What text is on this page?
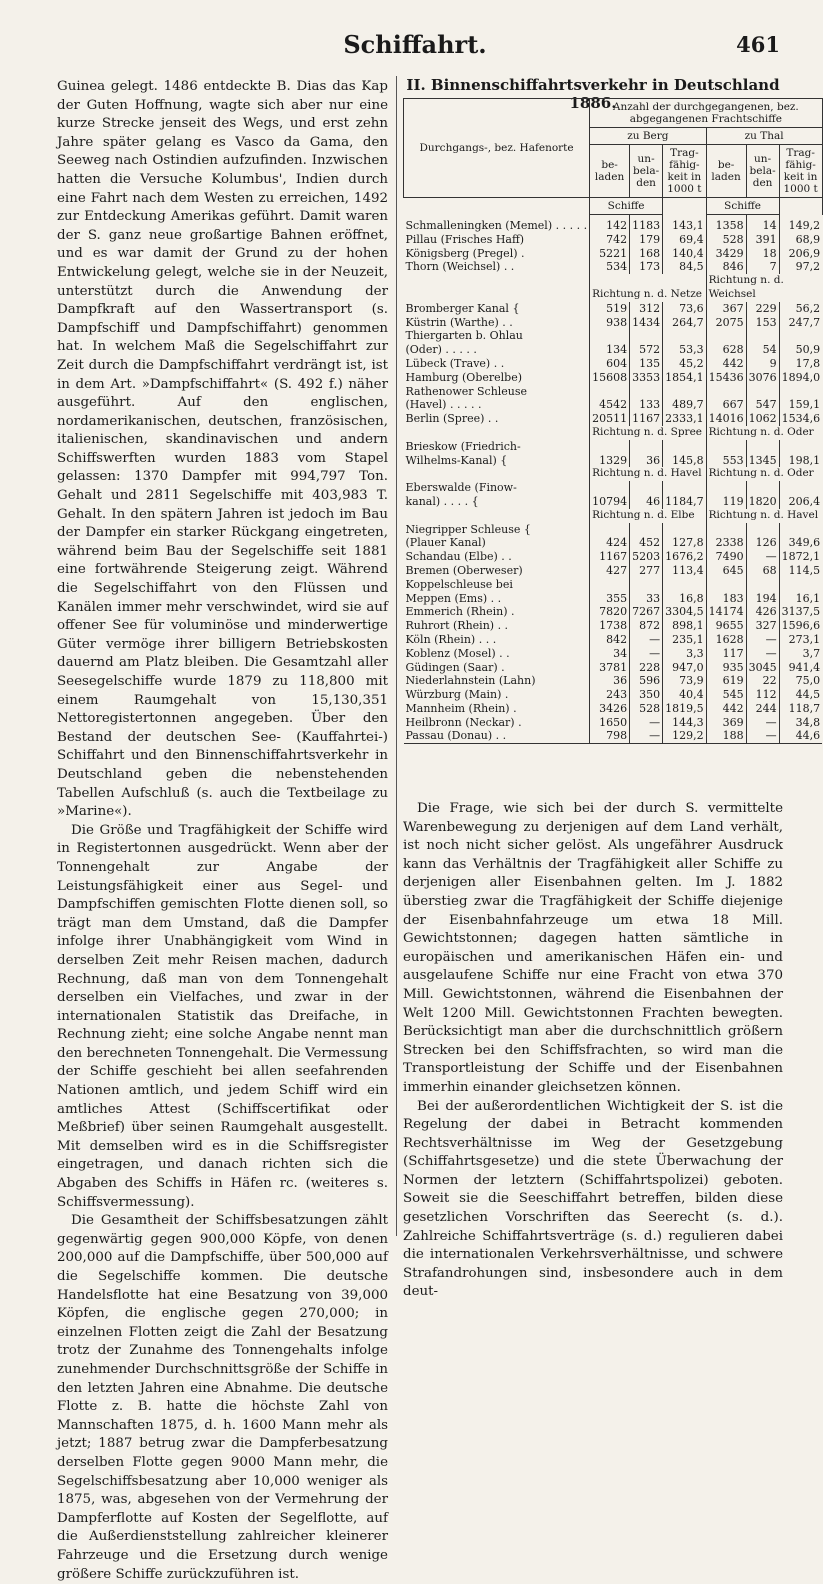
Schiffahrt.	461

Guinea gelegt. 1486 entdeckte B. Dias das Kap der Guten Hoffnung, wagte sich aber nur eine kurze Strecke jenseit des Wegs, und erst zehn Jahre später gelang es Vasco da Gama, den Seeweg nach Ostindien aufzufinden. Inzwischen hatten die Versuche Kolumbus', Indien durch eine Fahrt nach dem Westen zu erreichen, 1492 zur Entdeckung Amerikas geführt. Damit waren der S. ganz neue großartige Bahnen eröffnet, und es war damit der Grund zu der hohen Entwickelung gelegt, welche sie in der Neuzeit, unterstützt durch die Anwendung der Dampfkraft auf den Wassertransport (s. Dampfschiff und Dampfschiffahrt) genommen hat. In welchem Maß die Segelschiffahrt zur Zeit durch die Dampfschiffahrt verdrängt ist, ist in dem Art. »Dampfschiffahrt« (S. 492 f.) näher ausgeführt. Auf den englischen, nordamerikanischen, deutschen, französischen, italienischen, skandinavischen und andern Schiffswerften wurden 1883 vom Stapel gelassen: 1370 Dampfer mit 994,797 Ton. Gehalt und 2811 Segelschiffe mit 403,983 T. Gehalt. In den spätern Jahren ist jedoch im Bau der Dampfer ein starker Rückgang eingetreten, während beim Bau der Segelschiffe seit 1881 eine fortwährende Steigerung zeigt. Während die Segelschiffahrt von den Flüssen und Kanälen immer mehr verschwindet, wird sie auf offener See für voluminöse und minderwertige Güter vermöge ihrer billigern Betriebskosten dauernd am Platz bleiben. Die Gesamtzahl aller Seesegelschiffe wurde 1879 zu 118,800 mit einem Raumgehalt von 15,130,351 Nettoregistertonnen angegeben. Über den Bestand der deutschen See- (Kauffahrtei-) Schiffahrt und den Binnenschiffahrtsverkehr in Deutschland geben die nebenstehenden Tabellen Aufschluß (s. auch die Textbeilage zu »Marine«).

Die Größe und Tragfähigkeit der Schiffe wird in Registertonnen ausgedrückt. Wenn aber der Tonnengehalt zur Angabe der Leistungsfähigkeit einer aus Segel- und Dampfschiffen gemischten Flotte dienen soll, so trägt man dem Umstand, daß die Dampfer infolge ihrer Unabhängigkeit vom Wind in derselben Zeit mehr Reisen machen, dadurch Rechnung, daß man von dem Tonnengehalt derselben ein Vielfaches, und zwar in der internationalen Statistik das Dreifache, in Rechnung zieht; eine solche Angabe nennt man den berechneten Tonnengehalt. Die Vermessung der Schiffe geschieht bei allen seefahrenden Nationen amtlich, und jedem Schiff wird ein amtliches Attest (Schiffscertifikat oder Meßbrief) über seinen Raumgehalt ausgestellt. Mit demselben wird es in die Schiffsregister eingetragen, und danach richten sich die Abgaben des Schiffs in Häfen rc. (weiteres s. Schiffsvermessung).

Die Gesamtheit der Schiffsbesatzungen zählt gegenwärtig gegen 900,000 Köpfe, von denen 200,000 auf die Dampfschiffe, über 500,000 auf die Segelschiffe kommen. Die deutsche Handelsflotte hat eine Besatzung von 39,000 Köpfen, die englische gegen 270,000; in einzelnen Flotten zeigt die Zahl der Besatzung trotz der Zunahme des Tonnengehalts infolge zunehmender Durchschnittsgröße der Schiffe in den letzten Jahren eine Abnahme. Die deutsche Flotte z. B. hatte die höchste Zahl von Mannschaften 1875, d. h. 1600 Mann mehr als jetzt; 1887 betrug zwar die Dampferbesatzung derselben Flotte gegen 9000 Mann mehr, die Segelschiffsbesatzung aber 10,000 weniger als 1875, was, abgesehen von der Vermehrung der Dampferflotte auf Kosten der Segelflotte, auf die Außerdienststellung zahlreicher kleinerer Fahrzeuge und die Ersetzung durch wenige größere Schiffe zurückzuführen ist.

II. Binnenschiffahrtsverkehr in Deutschland 1886.
Durchgangs-, bez. Hafenorte	Anzahl der durchgegangenen, bez. abgegangenen Frachtschiffe					
	zu Berg			zu Thal		
	be-laden	un-bela-den	Trag-fähig-keit in 1000 t	be-laden	un-bela-den	Trag-fähig-keit in 1000 t
	Schiffe			Schiffe		
Schmalleningken (Memel) . . . . .	142	1183	143,1	1358	14	149,2
Pillau (Frisches Haff)	742	179	69,4	528	391	68,9
Königsberg (Pregel) .	5221	168	140,4	3429	18	206,9
Thorn (Weichsel) . .	534	173	84,5	846	7	97,2
	Richtung n. d. Netze			Richtung n. d. Weichsel		
Bromberger Kanal {	519	312	73,6	367	229	56,2
Küstrin (Warthe) . .	938	1434	264,7	2075	153	247,7
Thiergarten b. Ohlau						
(Oder) . . . . .	134	572	53,3	628	54	50,9
Lübeck (Trave) . .	604	135	45,2	442	9	17,8
Hamburg (Oberelbe)	15608	3353	1854,1	15436	3076	1894,0
Rathenower Schleuse						
(Havel) . . . . .	4542	133	489,7	667	547	159,1
Berlin (Spree) . .	20511	1167	2333,1	14016	1062	1534,6
	Richtung n. d. Spree			Richtung n. d. Oder		
Brieskow (Friedrich-						
Wilhelms-Kanal) {	1329	36	145,8	553	1345	198,1
	Richtung n. d. Havel			Richtung n. d. Oder		
Eberswalde (Finow-						
kanal) . . . . {	10794	46	1184,7	119	1820	206,4
	Richtung n. d. Elbe			Richtung n. d. Havel		
Niegripper Schleuse {						
(Plauer Kanal)	424	452	127,8	2338	126	349,6
Schandau (Elbe) . .	1167	5203	1676,2	7490	—	1872,1
Bremen (Oberweser)	427	277	113,4	645	68	114,5
Koppelschleuse bei						
Meppen (Ems) . .	355	33	16,8	183	194	16,1
Emmerich (Rhein) .	7820	7267	3304,5	14174	426	3137,5
Ruhrort (Rhein) . .	1738	872	898,1	9655	327	1596,6
Köln (Rhein) . . .	842	—	235,1	1628	—	273,1
Koblenz (Mosel) . .	34	—	3,3	117	—	3,7
Güdingen (Saar) .	3781	228	947,0	935	3045	941,4
Niederlahnstein (Lahn)	36	596	73,9	619	22	75,0
Würzburg (Main) .	243	350	40,4	545	112	44,5
Mannheim (Rhein) .	3426	528	1819,5	442	244	118,7
Heilbronn (Neckar) .	1650	—	144,3	369	—	34,8
Passau (Donau) . .	798	—	129,2	188	—	44,6

Die Frage, wie sich bei der durch S. vermittelte Warenbewegung zu derjenigen auf dem Land verhält, ist noch nicht sicher gelöst. Als ungefährer Ausdruck kann das Verhältnis der Tragfähigkeit aller Schiffe zu derjenigen aller Eisenbahnen gelten. Im J. 1882 überstieg zwar die Tragfähigkeit der Schiffe diejenige der Eisenbahnfahrzeuge um etwa 18 Mill. Gewichtstonnen; dagegen hatten sämtliche in europäischen und amerikanischen Häfen ein- und ausgelaufene Schiffe nur eine Fracht von etwa 370 Mill. Gewichtstonnen, während die Eisenbahnen der Welt 1200 Mill. Gewichtstonnen Frachten bewegten. Berücksichtigt man aber die durchschnittlich größern Strecken bei den Schiffsfrachten, so wird man die Transportleistung der Schiffe und der Eisenbahnen immerhin einander gleichsetzen können.

Bei der außerordentlichen Wichtigkeit der S. ist die Regelung der dabei in Betracht kommenden Rechtsverhältnisse im Weg der Gesetzgebung (Schiffahrtsgesetze) und die stete Überwachung der Normen der letztern (Schiffahrtspolizei) geboten. Soweit sie die Seeschiffahrt betreffen, bilden diese gesetzlichen Vorschriften das Seerecht (s. d.). Zahlreiche Schiffahrtsverträge (s. d.) regulieren dabei die internationalen Verkehrsverhältnisse, und schwere Strafandrohungen sind, insbesondere auch in dem deut-
